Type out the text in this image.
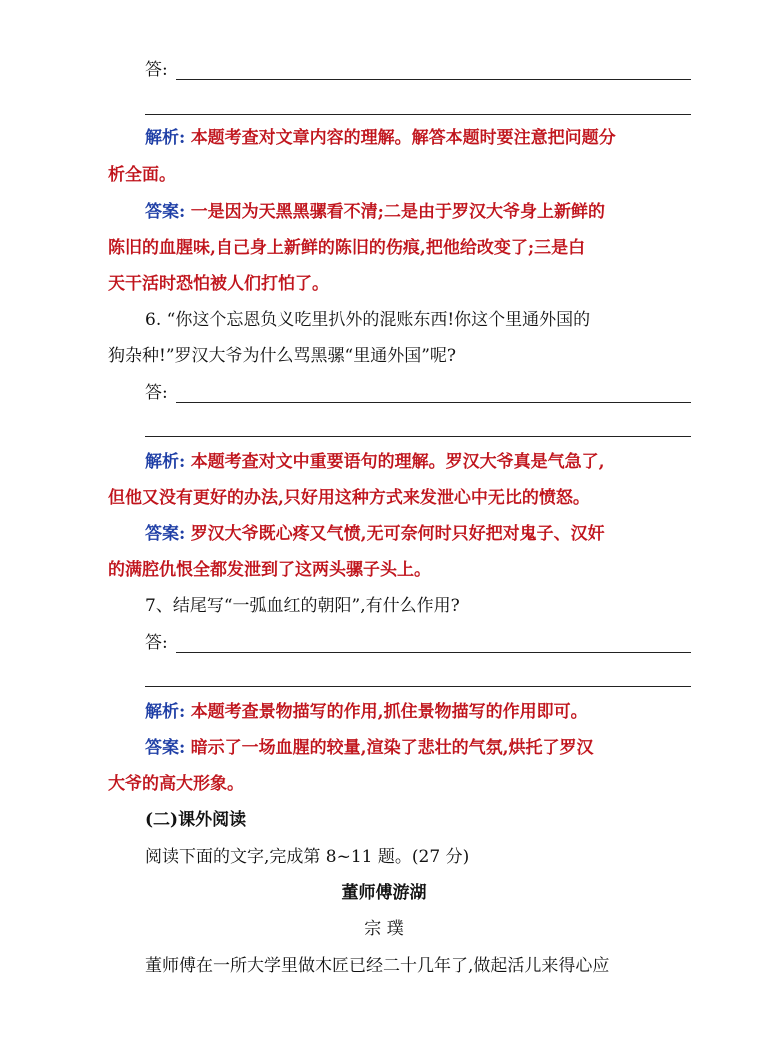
答:
解析: 本题考查对文章内容的理解。解答本题时要注意把问题分
析全面。
答案: 一是因为天黑黑骡看不清;二是由于罗汉大爷身上新鲜的
陈旧的血腥味,自己身上新鲜的陈旧的伤痕,把他给改变了;三是白
天干活时恐怕被人们打怕了。
6. “你这个忘恩负义吃里扒外的混账东西!你这个里通外国的
狗杂种!”罗汉大爷为什么骂黑骡“里通外国”呢?
答:
解析: 本题考查对文中重要语句的理解。罗汉大爷真是气急了,
但他又没有更好的办法,只好用这种方式来发泄心中无比的愤怒。
答案: 罗汉大爷既心疼又气愤,无可奈何时只好把对鬼子、汉奸
的满腔仇恨全都发泄到了这两头骡子头上。
7、结尾写“一弧血红的朝阳”,有什么作用?
答:
解析: 本题考查景物描写的作用,抓住景物描写的作用即可。
答案: 暗示了一场血腥的较量,渲染了悲壮的气氛,烘托了罗汉
大爷的高大形象。
(二)课外阅读
阅读下面的文字,完成第 8~11 题。(27 分)
董师傅游湖
宗 璞
董师傅在一所大学里做木匠已经二十几年了,做起活儿来得心应
